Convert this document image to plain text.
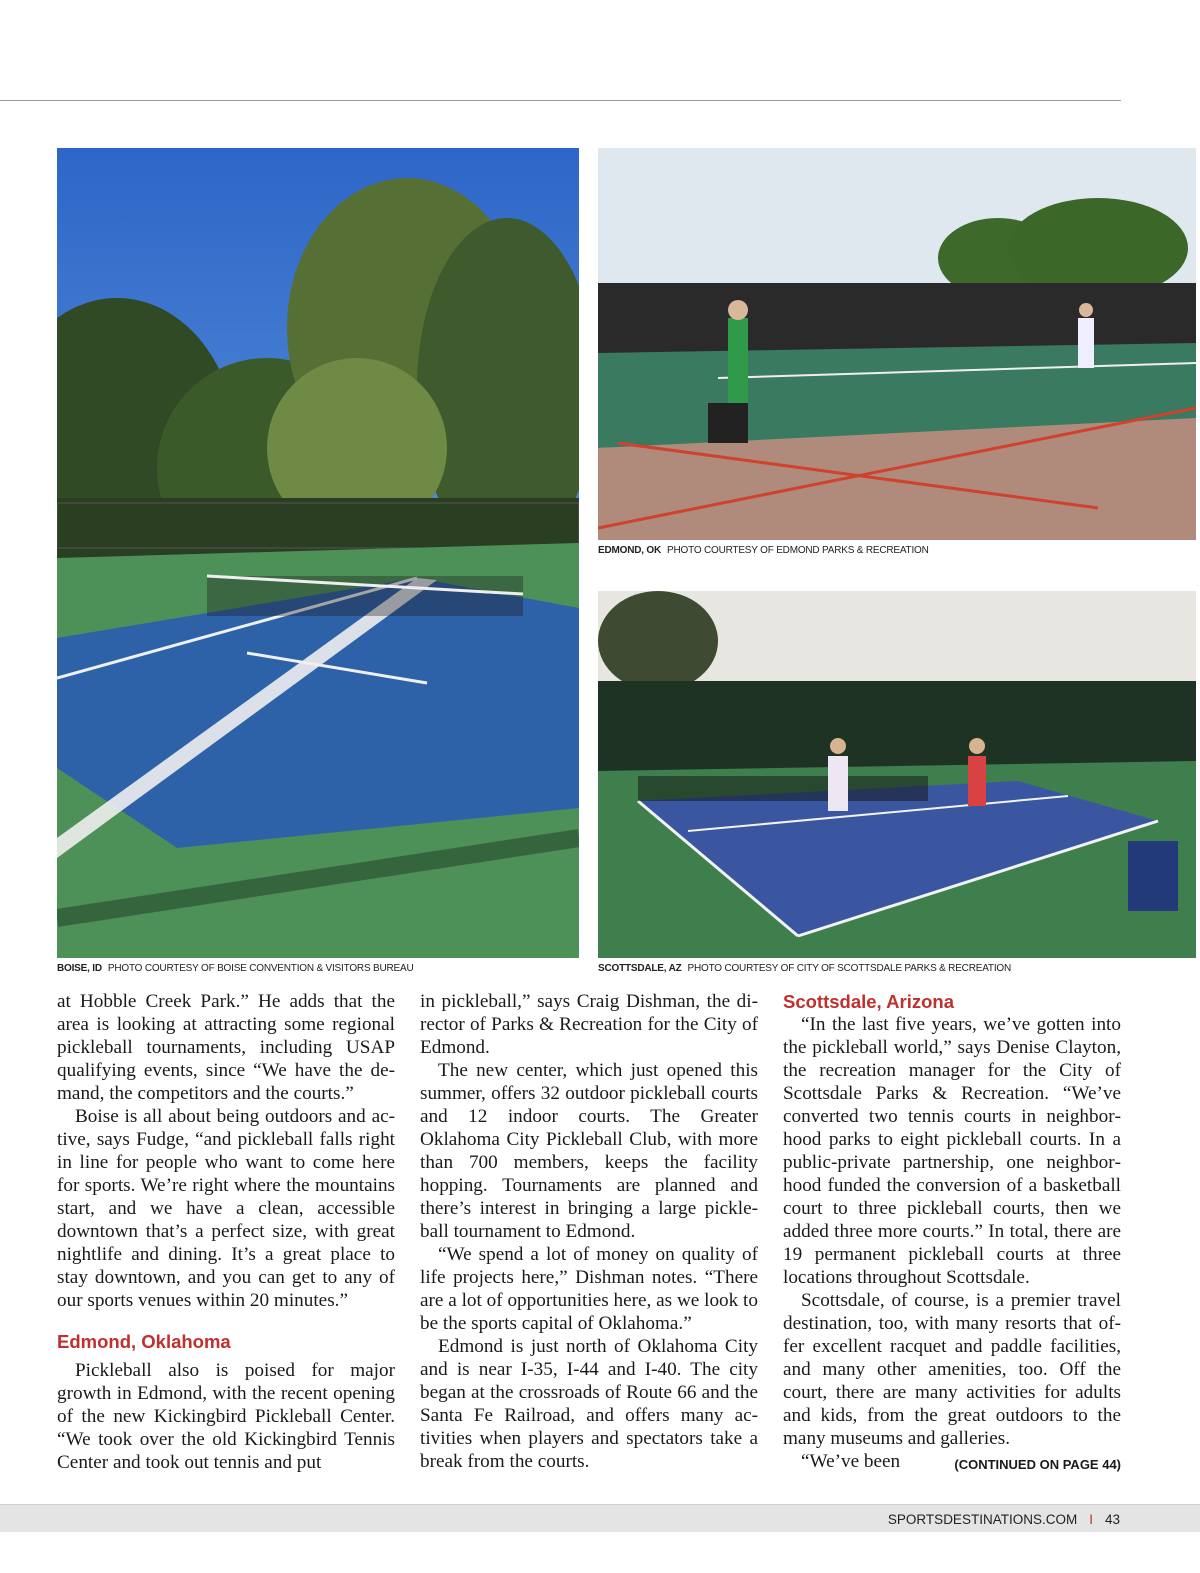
BOISE, ID PHOTO COURTESY OF BOISE CONVENTION & VISITORS BUREAU
EDMOND, OK PHOTO COURTESY OF EDMOND PARKS & RECREATION
SCOTTSDALE, AZ PHOTO COURTESY OF CITY OF SCOTTSDALE PARKS & RECREATION

at Hobble Creek Park.” He adds that the area is looking at attracting some regional pickleball tournaments, including USAP qualifying events, since “We have the demand, the competitors and the courts.”

Boise is all about being outdoors and active, says Fudge, “and pickleball falls right in line for people who want to come here for sports. We’re right where the mountains start, and we have a clean, accessible downtown that’s a perfect size, with great nightlife and dining. It’s a great place to stay downtown, and you can get to any of our sports venues within 20 minutes.”

Edmond, Oklahoma

Pickleball also is poised for major growth in Edmond, with the recent opening of the new Kickingbird Pickleball Center. “We took over the old Kickingbird Tennis Center and took out tennis and put

in pickleball,” says Craig Dishman, the director of Parks & Recreation for the City of Edmond.

The new center, which just opened this summer, offers 32 outdoor pickleball courts and 12 indoor courts. The Greater Oklahoma City Pickleball Club, with more than 700 members, keeps the facility hopping. Tournaments are planned and there’s interest in bringing a large pickleball tournament to Edmond.

“We spend a lot of money on quality of life projects here,” Dishman notes. “There are a lot of opportunities here, as we look to be the sports capital of Oklahoma.”

Edmond is just north of Oklahoma City and is near I-35, I-44 and I-40. The city began at the crossroads of Route 66 and the Santa Fe Railroad, and offers many activities when players and spectators take a break from the courts.

Scottsdale, Arizona

“In the last five years, we’ve gotten into the pickleball world,” says Denise Clayton, the recreation manager for the City of Scottsdale Parks & Recreation. “We’ve converted two tennis courts in neighborhood parks to eight pickleball courts. In a public-private partnership, one neighborhood funded the conversion of a basketball court to three pickleball courts, then we added three more courts.” In total, there are 19 permanent pickleball courts at three locations throughout Scottsdale.

Scottsdale, of course, is a premier travel destination, too, with many resorts that offer excellent racquet and paddle facilities, and many other amenities, too. Off the court, there are many activities for adults and kids, from the great outdoors to the many museums and galleries.

“We’ve been	(CONTINUED ON PAGE 44)

SPORTSDESTINATIONS.COM I 43
